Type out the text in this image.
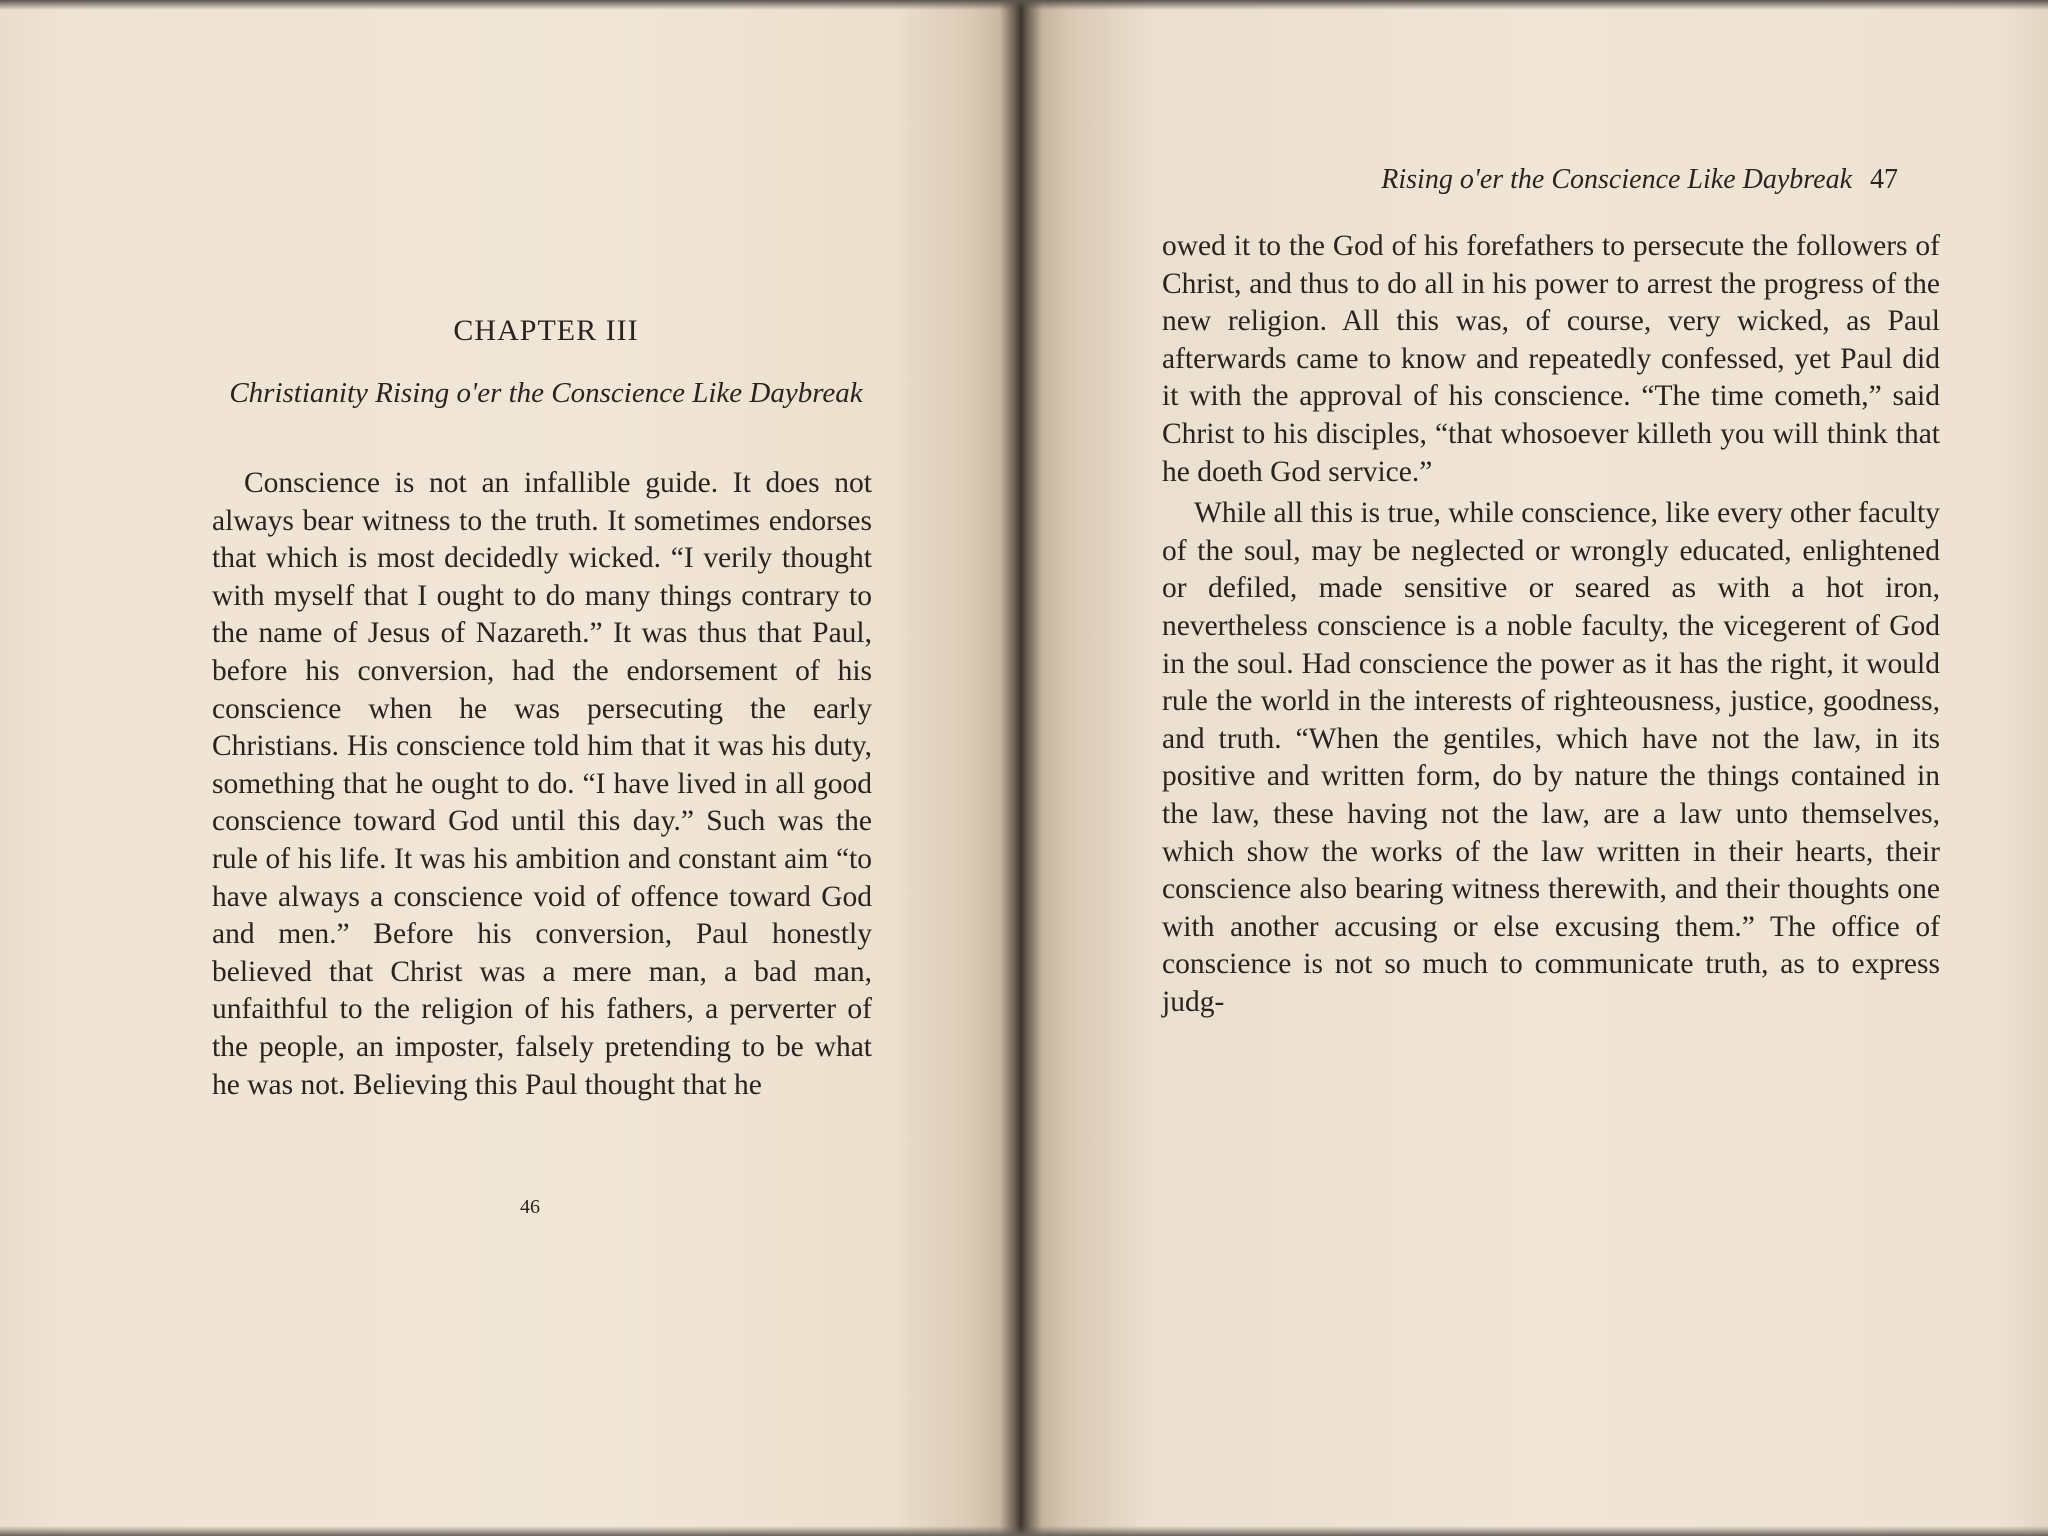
CHAPTER III
Christianity Rising o'er the Conscience Like Daybreak

Conscience is not an infallible guide. It does not always bear witness to the truth. It sometimes endorses that which is most decidedly wicked. “I verily thought with myself that I ought to do many things contrary to the name of Jesus of Nazareth.” It was thus that Paul, before his conversion, had the endorsement of his conscience when he was persecuting the early Christians. His conscience told him that it was his duty, something that he ought to do. “I have lived in all good conscience toward God until this day.” Such was the rule of his life. It was his ambition and constant aim “to have always a conscience void of offence toward God and men.” Before his conversion, Paul honestly believed that Christ was a mere man, a bad man, unfaithful to the religion of his fathers, a perverter of the people, an imposter, falsely pretending to be what he was not. Believing this Paul thought that he

46
Rising o'er the Conscience Like Daybreak 47

owed it to the God of his forefathers to persecute the followers of Christ, and thus to do all in his power to arrest the progress of the new religion. All this was, of course, very wicked, as Paul afterwards came to know and repeatedly confessed, yet Paul did it with the approval of his conscience. “The time cometh,” said Christ to his disciples, “that whosoever killeth you will think that he doeth God service.”

While all this is true, while conscience, like every other faculty of the soul, may be neglected or wrongly educated, enlightened or defiled, made sensitive or seared as with a hot iron, nevertheless conscience is a noble faculty, the vicegerent of God in the soul. Had conscience the power as it has the right, it would rule the world in the interests of righteousness, justice, goodness, and truth. “When the gentiles, which have not the law, in its positive and written form, do by nature the things contained in the law, these having not the law, are a law unto themselves, which show the works of the law written in their hearts, their conscience also bearing witness therewith, and their thoughts one with another accusing or else excusing them.” The office of conscience is not so much to communicate truth, as to express judg-
